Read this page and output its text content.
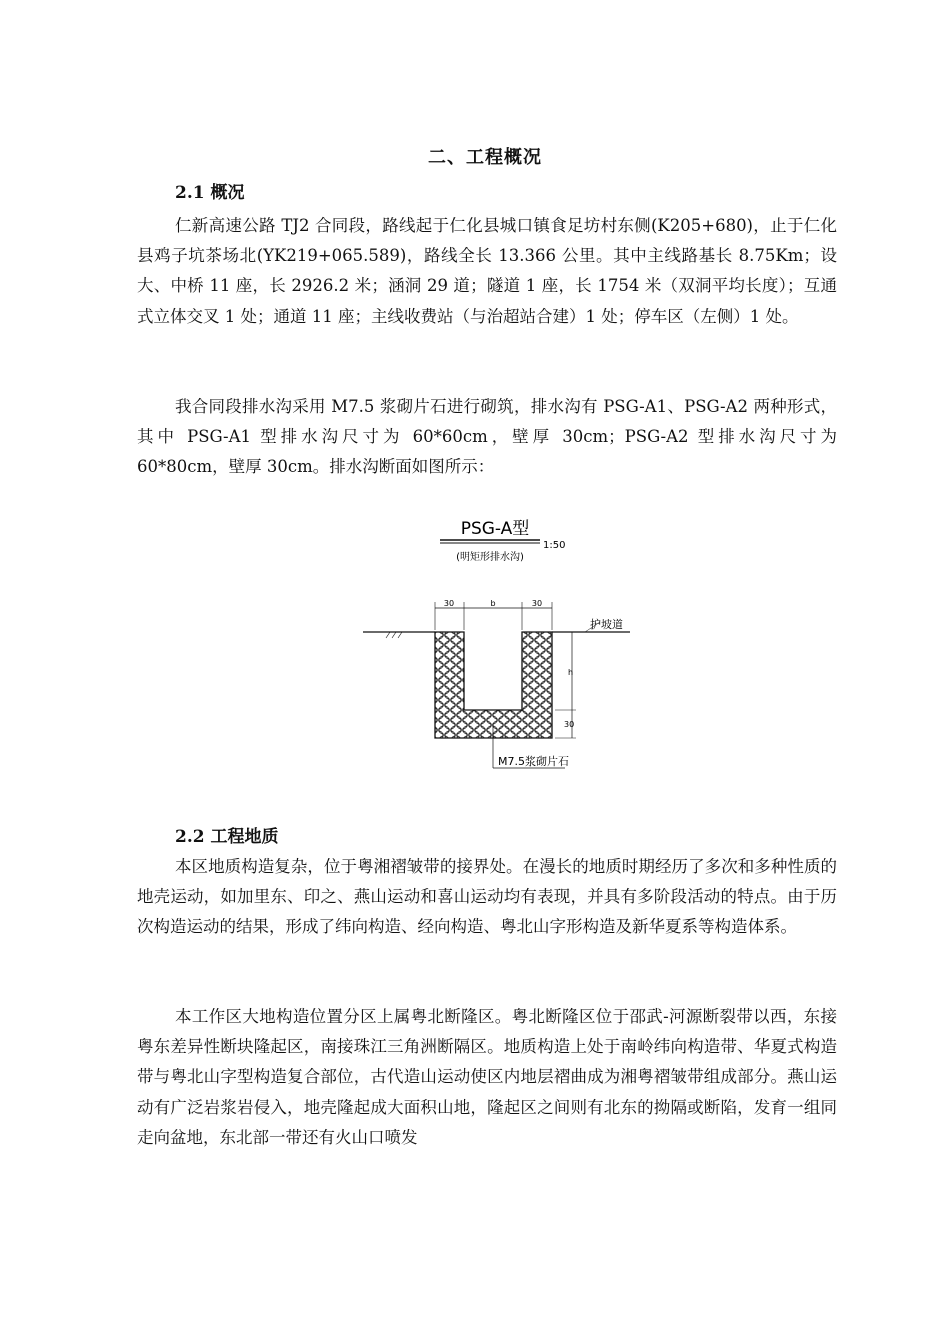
二、工程概况
2.1 概况
仁新高速公路 TJ2 合同段，路线起于仁化县城口镇食足坊村东侧(K205+680)，止于仁化县鸡子坑茶场北(YK219+065.589)，路线全长 13.366 公里。其中主线路基长 8.75Km；设大、中桥 11 座，长 2926.2 米；涵洞 29 道；隧道 1 座，长 1754 米（双洞平均长度）；互通式立体交叉 1 处；通道 11 座；主线收费站（与治超站合建）1 处；停车区（左侧）1 处。
我合同段排水沟采用 M7.5 浆砌片石进行砌筑，排水沟有 PSG-A1、PSG-A2 两种形式，其中 PSG-A1 型排水沟尺寸为 60*60cm，壁厚 30cm；PSG-A2 型排水沟尺寸为 60*80cm，壁厚 30cm。排水沟断面如图所示：
PSG-A型
1:50
(明矩形排水沟)
30	b	30
护坡道
h
30
M7.5浆砌片石
2.2 工程地质
本区地质构造复杂，位于粤湘褶皱带的接界处。在漫长的地质时期经历了多次和多种性质的地壳运动，如加里东、印之、燕山运动和喜山运动均有表现，并具有多阶段活动的特点。由于历次构造运动的结果，形成了纬向构造、经向构造、粤北山字形构造及新华夏系等构造体系。
本工作区大地构造位置分区上属粤北断隆区。粤北断隆区位于邵武-河源断裂带以西，东接粤东差异性断块隆起区，南接珠江三角洲断隔区。地质构造上处于南岭纬向构造带、华夏式构造带与粤北山字型构造复合部位，古代造山运动使区内地层褶曲成为湘粤褶皱带组成部分。燕山运动有广泛岩浆岩侵入，地壳隆起成大面积山地，隆起区之间则有北东的拗隔或断陷，发育一组同走向盆地，东北部一带还有火山口喷发
